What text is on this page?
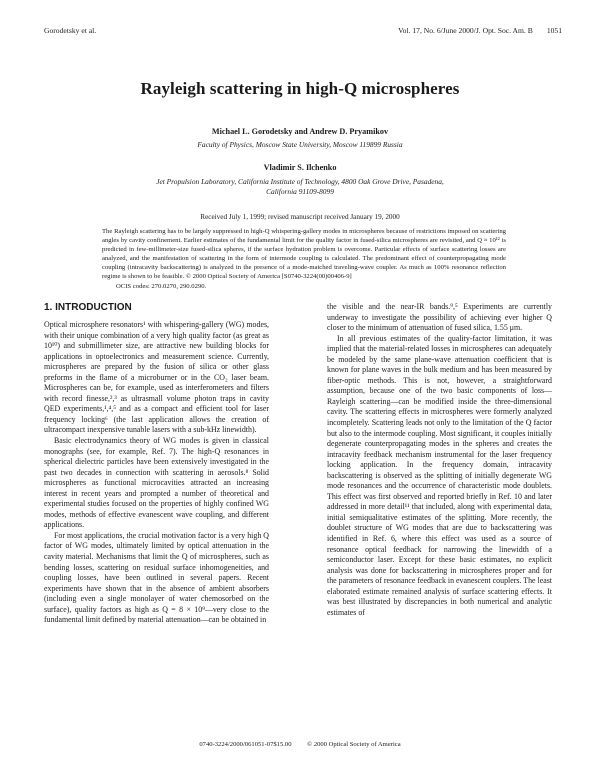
Gorodetsky et al.	Vol. 17, No. 6/June 2000/J. Opt. Soc. Am. B 1051
Rayleigh scattering in high-Q microspheres
Michael L. Gorodetsky and Andrew D. Pryamikov
Faculty of Physics, Moscow State University, Moscow 119899 Russia
Vladimir S. Ilchenko
Jet Propulsion Laboratory, California Institute of Technology, 4800 Oak Grove Drive, Pasadena,
California 91109-8099
Received July 1, 1999; revised manuscript received January 19, 2000
The Rayleigh scattering has to be largely suppressed in high-Q whispering-gallery modes in microspheres because of restrictions imposed on scattering angles by cavity confinement. Earlier estimates of the fundamental limit for the quality factor in fused-silica microspheres are revisited, and Q ≈ 10¹² is predicted in few-millimeter-size fused-silica spheres, if the surface hydration problem is overcome. Particular effects of surface scattering losses are analyzed, and the manifestation of scattering in the form of intermode coupling is calculated. The predominant effect of counterpropagating mode coupling (intracavity backscattering) is analyzed in the presence of a mode-matched traveling-wave coupler. As much as 100% resonance reflection regime is shown to be feasible. © 2000 Optical Society of America [S0740-3224(00)00406-9]
OCIS codes: 270.0270, 290.0290.
1. INTRODUCTION

Optical microsphere resonators¹ with whispering-gallery (WG) modes, with their unique combination of a very high quality factor (as great as 10¹⁰) and submillimeter size, are attractive new building blocks for applications in optoelectronics and measurement science. Currently, microspheres are prepared by the fusion of silica or other glass preforms in the flame of a microburner or in the CO₂ laser beam. Microspheres can be, for example, used as interferometers and filters with record finesse,²,³ as ultrasmall volume photon traps in cavity QED experiments,¹,⁴,⁵ and as a compact and efficient tool for laser frequency locking⁶ (the last application allows the creation of ultracompact inexpensive tunable lasers with a sub-kHz linewidth).

Basic electrodynamics theory of WG modes is given in classical monographs (see, for example, Ref. 7). The high-Q resonances in spherical dielectric particles have been extensively investigated in the past two decades in connection with scattering in aerosols.⁸ Solid microspheres as functional microcavities attracted an increasing interest in recent years and prompted a number of theoretical and experimental studies focused on the properties of highly confined WG modes, methods of effective evanescent wave coupling, and different applications.

For most applications, the crucial motivation factor is a very high Q factor of WG modes, ultimately limited by optical attenuation in the cavity material. Mechanisms that limit the Q of microspheres, such as bending losses, scattering on residual surface inhomogeneities, and coupling losses, have been outlined in several papers. Recent experiments have shown that in the absence of ambient absorbers (including even a single monolayer of water chemosorbed on the surface), quality factors as high as Q = 8 × 10⁹—very close to the fundamental limit defined by material attenuation—can be obtained in

the visible and the near-IR bands.⁹,⁵ Experiments are currently underway to investigate the possibility of achieving ever higher Q closer to the minimum of attenuation of fused silica, 1.55 μm.

In all previous estimates of the quality-factor limitation, it was implied that the material-related losses in microspheres can adequately be modeled by the same plane-wave attenuation coefficient that is known for plane waves in the bulk medium and has been measured by fiber-optic methods. This is not, however, a straightforward assumption, because one of the two basic components of loss—Rayleigh scattering—can be modified inside the three-dimensional cavity. The scattering effects in microspheres were formerly analyzed incompletely. Scattering leads not only to the limitation of the Q factor but also to the intermode coupling. Most significant, it couples initially degenerate counterpropagating modes in the spheres and creates the intracavity feedback mechanism instrumental for the laser frequency locking application. In the frequency domain, intracavity backscattering is observed as the splitting of initially degenerate WG mode resonances and the occurrence of characteristic mode doublets. This effect was first observed and reported briefly in Ref. 10 and later addressed in more detail¹¹ that included, along with experimental data, initial semiqualitative estimates of the splitting. More recently, the doublet structure of WG modes that are due to backscattering was identified in Ref. 6, where this effect was used as a source of resonance optical feedback for narrowing the linewidth of a semiconductor laser. Except for these basic estimates, no explicit analysis was done for backscattering in microspheres proper and for the parameters of resonance feedback in evanescent couplers. The least elaborated estimate remained analysis of surface scattering effects. It was best illustrated by discrepancies in both numerical and analytic estimates of

0740-3224/2000/061051-07$15.00 © 2000 Optical Society of America
